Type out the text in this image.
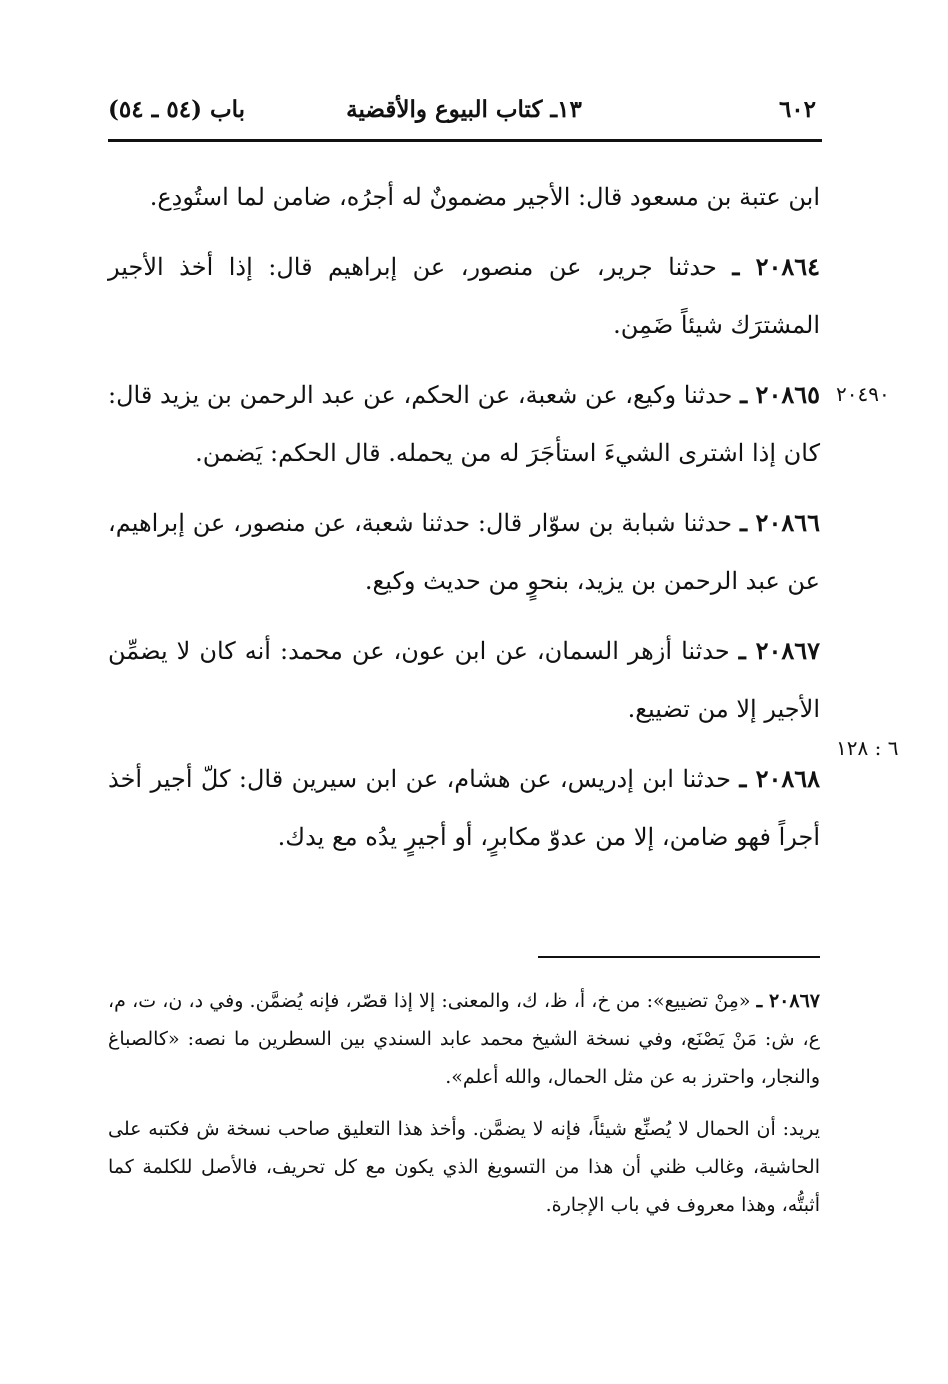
٦٠٢
١٣ـ كتاب البيوع والأقضية
باب (٥٤ ـ ٥٤)

ابن عتبة بن مسعود قال: الأجير مضمونٌ له أجرُه، ضامن لما استُودِع.

٢٠٨٦٤ ـ حدثنا جرير، عن منصور، عن إبراهيم قال: إذا أخذ الأجير المشترَك شيئاً ضَمِن.

٢٠٨٦٥ ـ حدثنا وكيع، عن شعبة، عن الحكم، عن عبد الرحمن بن يزيد قال: كان إذا اشترى الشيءَ استأجَرَ له من يحمله. قال الحكم: يَضمن.

٢٠٨٦٦ ـ حدثنا شبابة بن سوّار قال: حدثنا شعبة، عن منصور، عن إبراهيم، عن عبد الرحمن بن يزيد، بنحوٍ من حديث وكيع.

٢٠٨٦٧ ـ حدثنا أزهر السمان، عن ابن عون، عن محمد: أنه كان لا يضمِّن الأجير إلا من تضييع.

٢٠٨٦٨ ـ حدثنا ابن إدريس، عن هشام، عن ابن سيرين قال: كلّ أجير أخذ أجراً فهو ضامن، إلا من عدوّ مكابرٍ، أو أجيرٍ يدُه مع يدك.

٢٠٤٩٠
٦ : ١٢٨

٢٠٨٦٧ ـ «مِنْ تضييع»: من خ، أ، ظ، ك، والمعنى: إلا إذا قصّر، فإنه يُضمَّن. وفي د، ن، ت، م، ع، ش: مَنْ يَصْنَع، وفي نسخة الشيخ محمد عابد السندي بين السطرين ما نصه: «كالصباغ والنجار، واحترز به عن مثل الحمال، والله أعلم».

يريد: أن الحمال لا يُصنِّع شيئاً، فإنه لا يضمَّن. وأخذ هذا التعليق صاحب نسخة ش فكتبه على الحاشية، وغالب ظني أن هذا من التسويغ الذي يكون مع كل تحريف، فالأصل للكلمة كما أثبتُّه، وهذا معروف في باب الإجارة.
